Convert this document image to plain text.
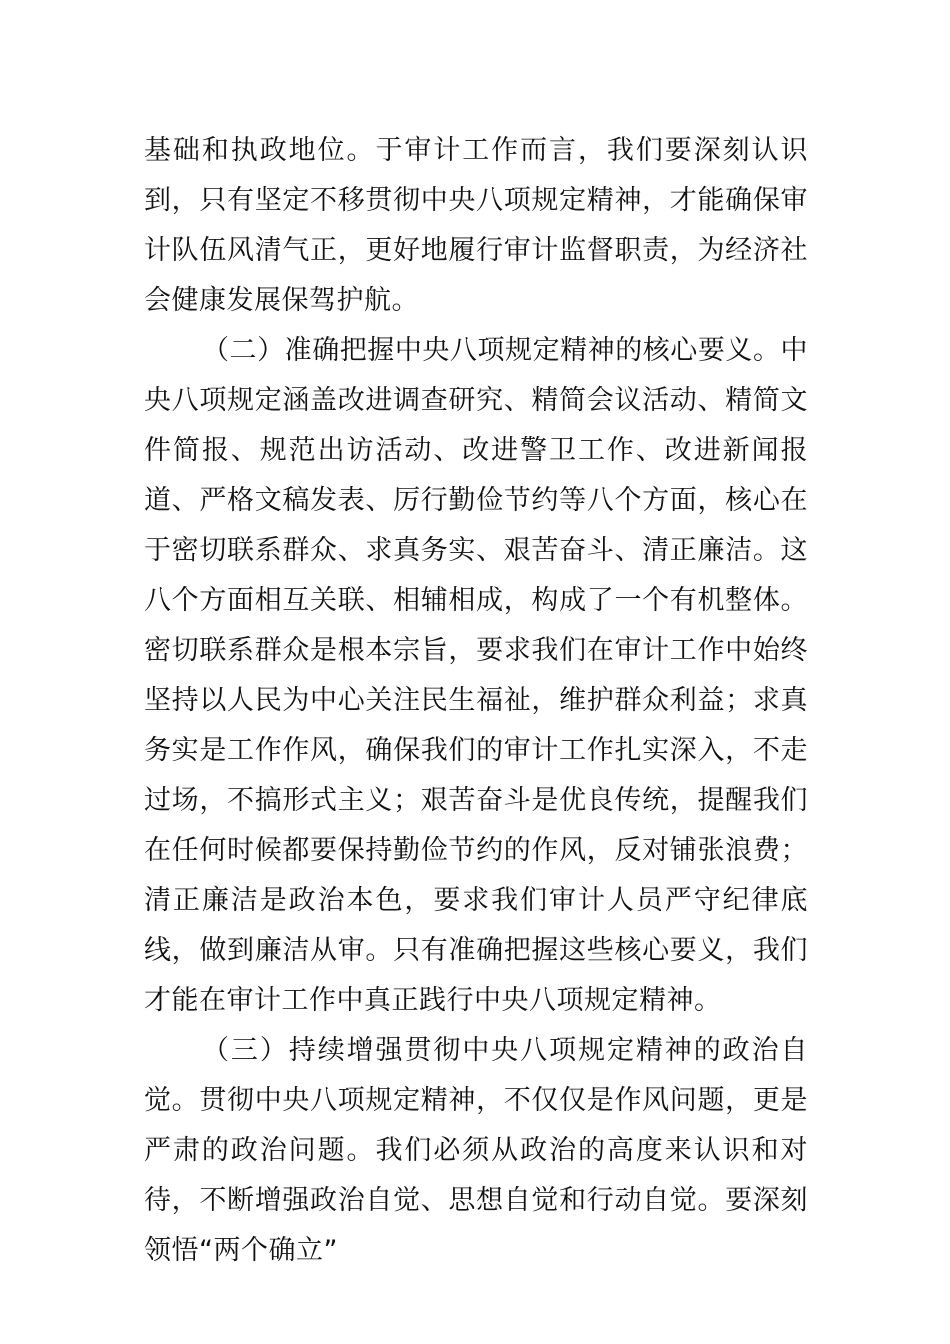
基础和执政地位。于审计工作而言，我们要深刻认识到，只有坚定不移贯彻中央八项规定精神，才能确保审计队伍风清气正，更好地履行审计监督职责，为经济社会健康发展保驾护航。

（二）准确把握中央八项规定精神的核心要义。中央八项规定涵盖改进调查研究、精简会议活动、精简文件简报、规范出访活动、改进警卫工作、改进新闻报道、严格文稿发表、厉行勤俭节约等八个方面，核心在于密切联系群众、求真务实、艰苦奋斗、清正廉洁。这八个方面相互关联、相辅相成，构成了一个有机整体。密切联系群众是根本宗旨，要求我们在审计工作中始终坚持以人民为中心关注民生福祉，维护群众利益；求真务实是工作作风，确保我们的审计工作扎实深入，不走过场，不搞形式主义；艰苦奋斗是优良传统，提醒我们在任何时候都要保持勤俭节约的作风，反对铺张浪费；清正廉洁是政治本色，要求我们审计人员严守纪律底线，做到廉洁从审。只有准确把握这些核心要义，我们才能在审计工作中真正践行中央八项规定精神。

（三）持续增强贯彻中央八项规定精神的政治自觉。贯彻中央八项规定精神，不仅仅是作风问题，更是严肃的政治问题。我们必须从政治的高度来认识和对待，不断增强政治自觉、思想自觉和行动自觉。要深刻领悟“两个确立”
